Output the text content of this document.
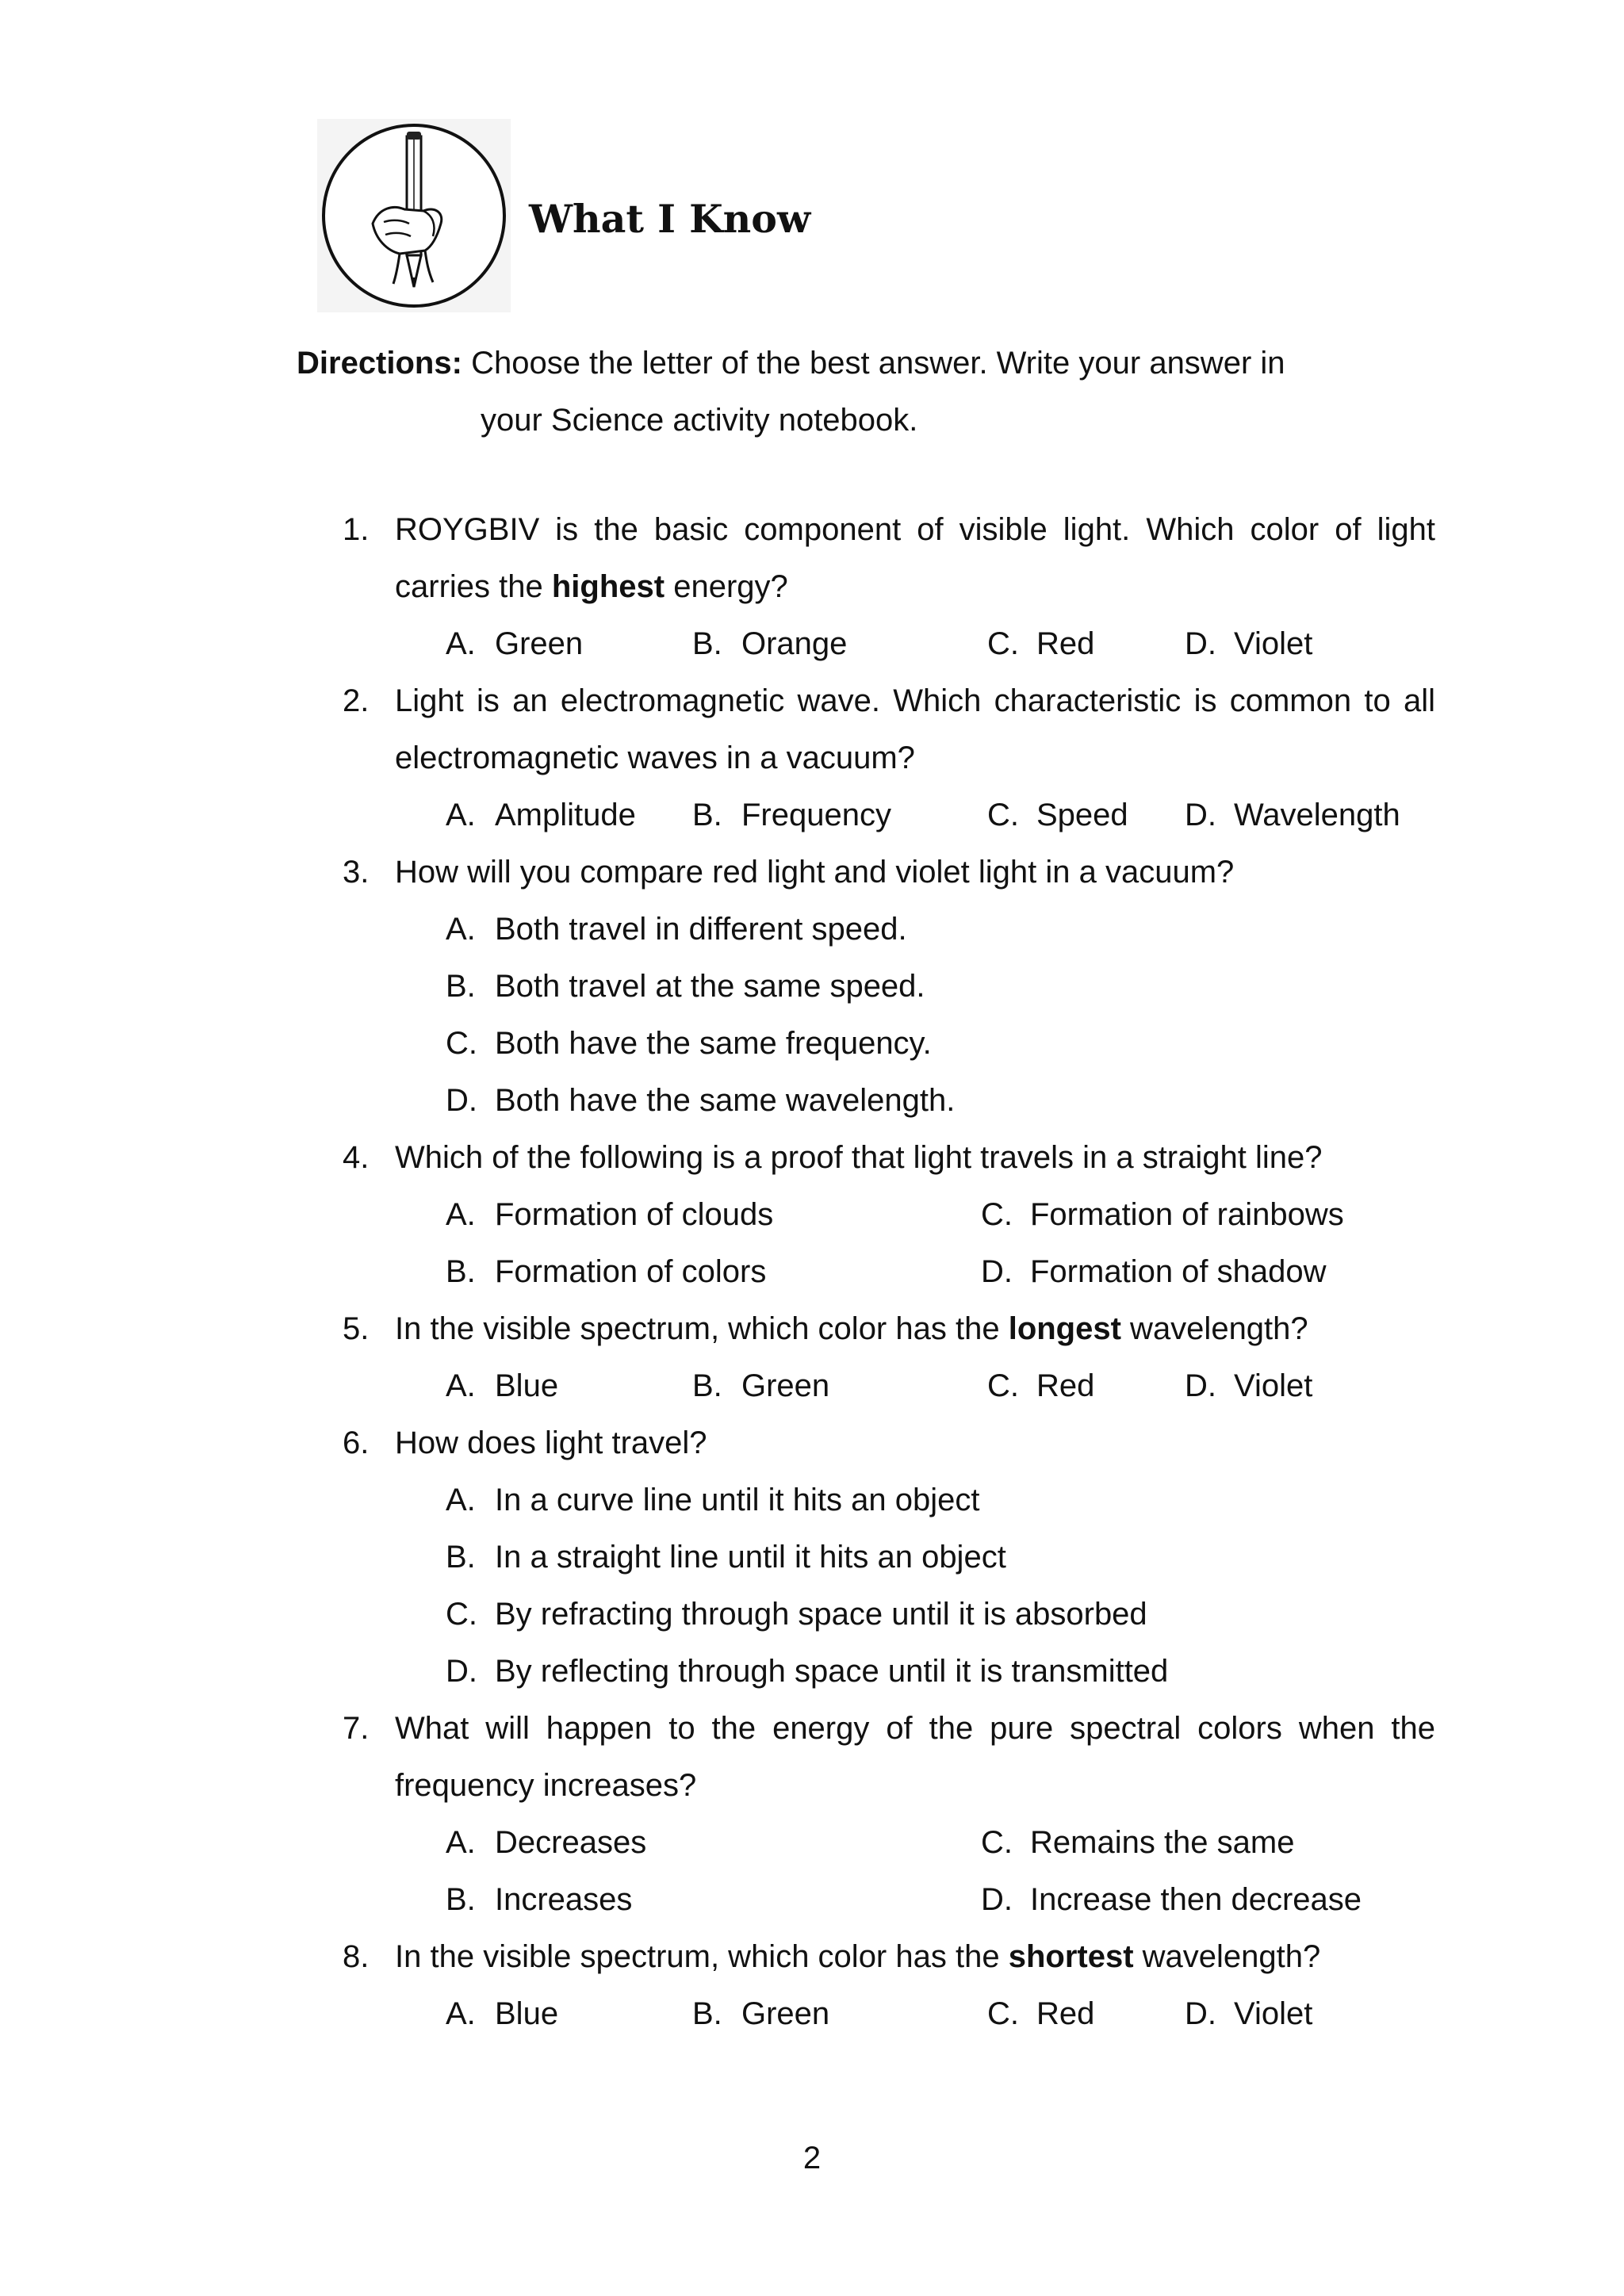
What I Know
Directions: Choose the letter of the best answer. Write your answer in
your Science activity notebook.
1. ROYGBIV is the basic component of visible light. Which color of light
carries the highest energy?
A. Green	B. Orange	C. Red	D. Violet
2. Light is an electromagnetic wave. Which characteristic is common to all
electromagnetic waves in a vacuum?
A. Amplitude B. Frequency	C. Speed D. Wavelength
3. How will you compare red light and violet light in a vacuum?
A. Both travel in different speed.
B. Both travel at the same speed.
C. Both have the same frequency.
D. Both have the same wavelength.
4. Which of the following is a proof that light travels in a straight line?
A. Formation of clouds	C. Formation of rainbows
B. Formation of colors	D. Formation of shadow
5. In the visible spectrum, which color has the longest wavelength?
A. Blue	B. Green	C. Red	D. Violet
6. How does light travel?
A. In a curve line until it hits an object
B. In a straight line until it hits an object
C. By refracting through space until it is absorbed
D. By reflecting through space until it is transmitted
7. What will happen to the energy of the pure spectral colors when the
frequency increases?
A. Decreases	C. Remains the same
B. Increases	D. Increase then decrease
8. In the visible spectrum, which color has the shortest wavelength?
A. Blue	B. Green	C. Red	D. Violet
2
